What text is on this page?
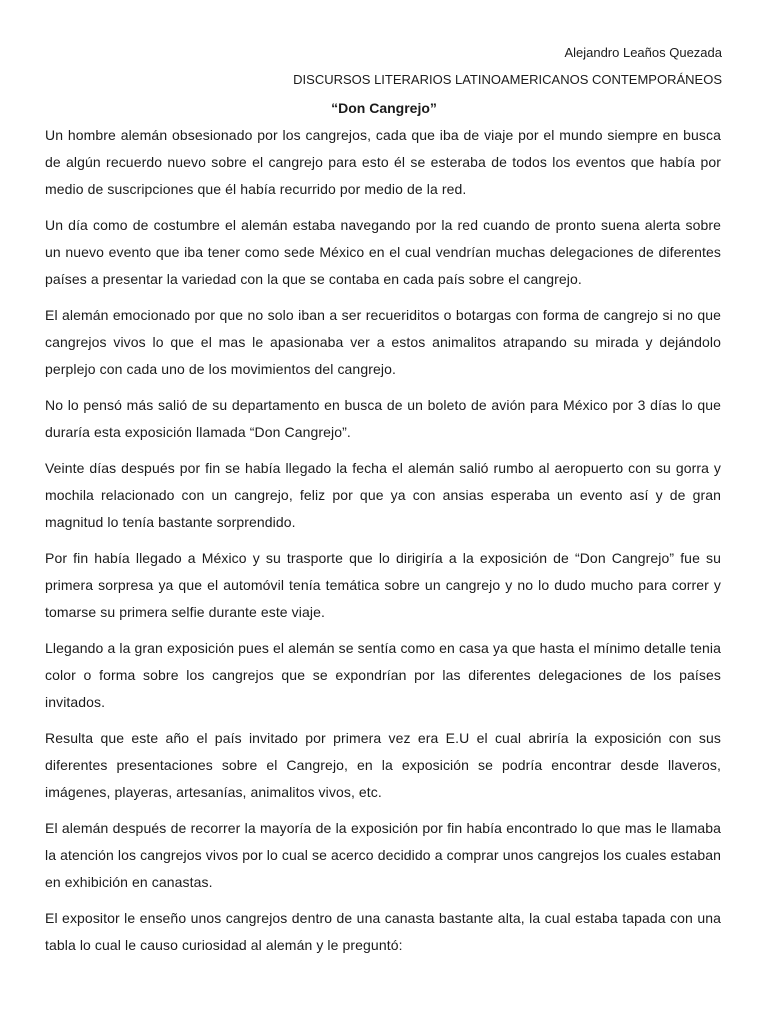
Alejandro Leaños Quezada
DISCURSOS LITERARIOS LATINOAMERICANOS CONTEMPORÁNEOS
“Don Cangrejo”

Un hombre alemán obsesionado por los cangrejos, cada que iba de viaje por el mundo siempre en busca de algún recuerdo nuevo sobre el cangrejo para esto él se esteraba de todos los eventos que había por medio de suscripciones que él había recurrido por medio de la red.

Un día como de costumbre el alemán estaba navegando por la red cuando de pronto suena alerta sobre un nuevo evento que iba tener como sede México en el cual vendrían muchas delegaciones de diferentes países a presentar la variedad con la que se contaba en cada país sobre el cangrejo.

El alemán emocionado por que no solo iban a ser recueriditos o botargas con forma de cangrejo si no que cangrejos vivos lo que el mas le apasionaba ver a estos animalitos atrapando su mirada y dejándolo perplejo con cada uno de los movimientos del cangrejo.

No lo pensó más salió de su departamento en busca de un boleto de avión para México por 3 días lo que duraría esta exposición llamada “Don Cangrejo”.

Veinte días después por fin se había llegado la fecha el alemán salió rumbo al aeropuerto con su gorra y mochila relacionado con un cangrejo, feliz por que ya con ansias esperaba un evento así y de gran magnitud lo tenía bastante sorprendido.

Por fin había llegado a México y su trasporte que lo dirigiría a la exposición de “Don Cangrejo” fue su primera sorpresa ya que el automóvil tenía temática sobre un cangrejo y no lo dudo mucho para correr y tomarse su primera selfie durante este viaje.

Llegando a la gran exposición pues el alemán se sentía como en casa ya que hasta el mínimo detalle tenia color o forma sobre los cangrejos que se expondrían por las diferentes delegaciones de los países invitados.

Resulta que este año el país invitado por primera vez era E.U el cual abriría la exposición con sus diferentes presentaciones sobre el Cangrejo, en la exposición se podría encontrar desde llaveros, imágenes, playeras, artesanías, animalitos vivos, etc.

El alemán después de recorrer la mayoría de la exposición por fin había encontrado lo que mas le llamaba la atención los cangrejos vivos por lo cual se acerco decidido a comprar unos cangrejos los cuales estaban en exhibición en canastas.

El expositor le enseño unos cangrejos dentro de una canasta bastante alta, la cual estaba tapada con una tabla lo cual le causo curiosidad al alemán y le preguntó:
